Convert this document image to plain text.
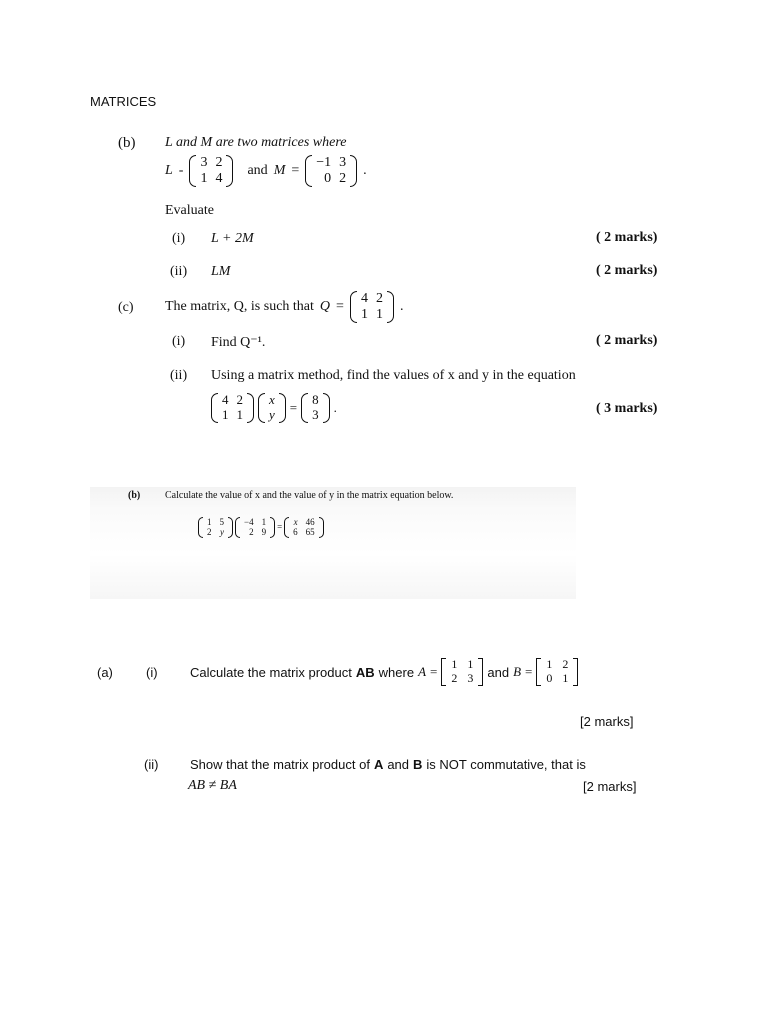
MATRICES
(b) L and M are two matrices where
L -
3	2
1	4
and M =
−1	3
0	2
.
Evaluate
(i) L + 2M	( 2 marks)
(ii) LM	( 2 marks)
(c) The matrix, Q, is such that Q =
4	2
1	1
.
(i) Find Q⁻¹.	( 2 marks)
(ii) Using a matrix method, find the values of x and y in the equation
4	2
1	1
x
y =
8
3 .	( 3 marks)
(b) Calculate the value of x and the value of y in the matrix equation below.
1	5
2	y
−4	1
2	9 =
x	46
6	65
(a)	(i) Calculate the matrix product AB where A = 1	1
2	3 and B = 1	2
0	1
[2 marks]
(ii) Show that the matrix product of A and B is NOT commutative, that is
AB ≠ BA	[2 marks]
